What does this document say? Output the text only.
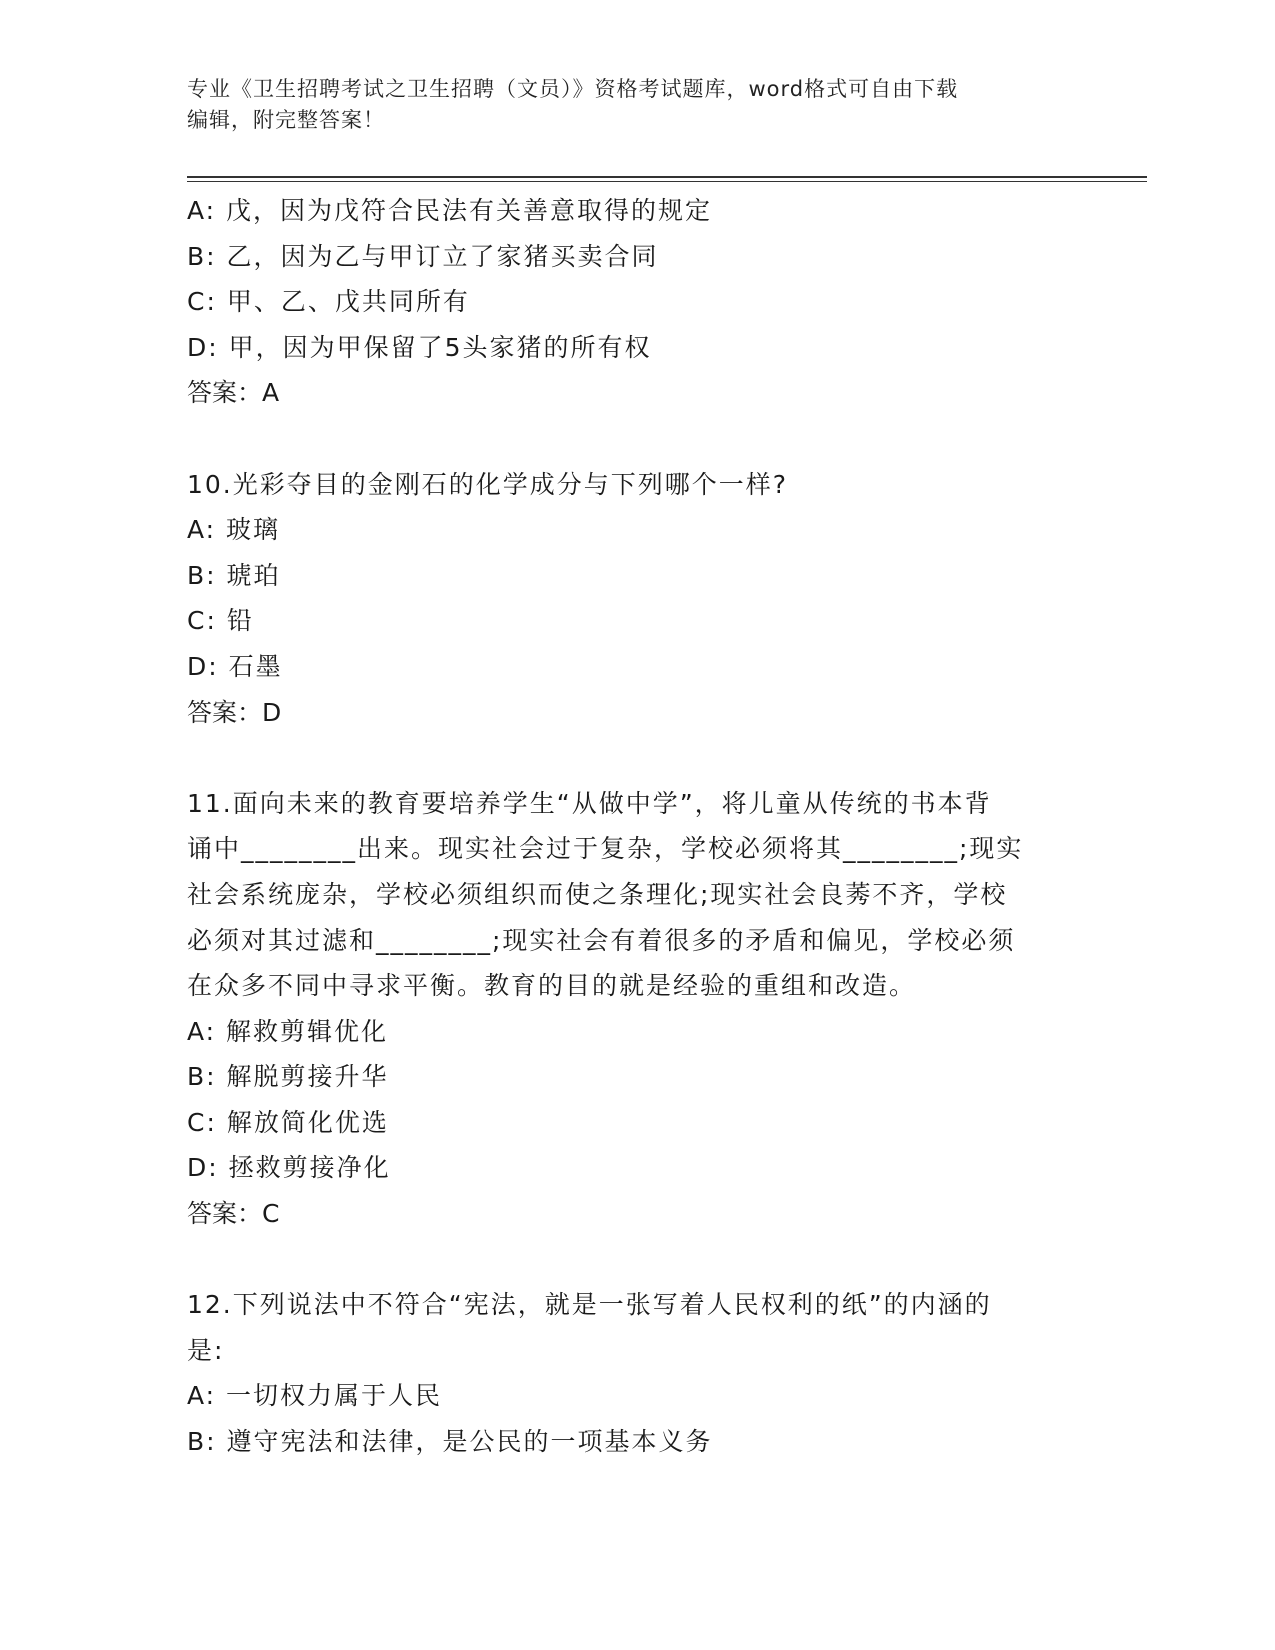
专业《卫生招聘考试之卫生招聘（文员）》资格考试题库，word格式可自由下载
编辑，附完整答案！
A: 戊，因为戊符合民法有关善意取得的规定
B: 乙，因为乙与甲订立了家猪买卖合同
C: 甲、乙、戊共同所有
D: 甲，因为甲保留了5头家猪的所有权
答案：A
10.光彩夺目的金刚石的化学成分与下列哪个一样?
A: 玻璃
B: 琥珀
C: 铅
D: 石墨
答案：D
11.面向未来的教育要培养学生“从做中学”，将儿童从传统的书本背
诵中________出来。现实社会过于复杂，学校必须将其________;现实
社会系统庞杂，学校必须组织而使之条理化;现实社会良莠不齐，学校
必须对其过滤和________;现实社会有着很多的矛盾和偏见，学校必须
在众多不同中寻求平衡。教育的目的就是经验的重组和改造。
A: 解救剪辑优化
B: 解脱剪接升华
C: 解放简化优选
D: 拯救剪接净化
答案：C
12.下列说法中不符合“宪法，就是一张写着人民权利的纸”的内涵的
是:
A: 一切权力属于人民
B: 遵守宪法和法律，是公民的一项基本义务
